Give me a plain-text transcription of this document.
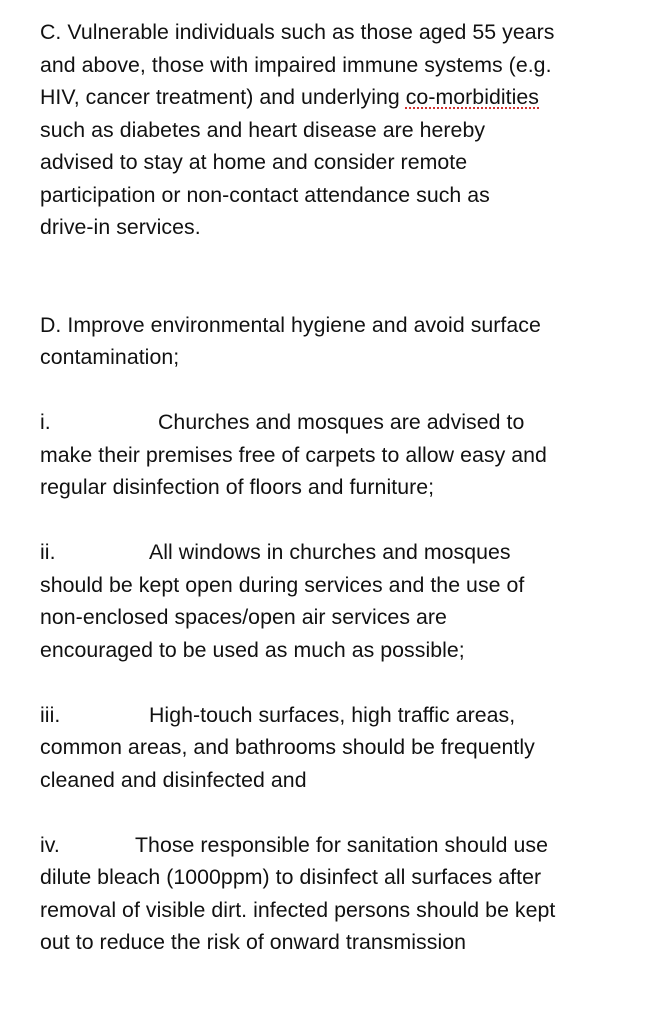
C. Vulnerable individuals such as those aged 55 years
and above, those with impaired immune systems (e.g.
HIV, cancer treatment) and underlying co-morbidities
such as diabetes and heart disease are hereby
advised to stay at home and consider remote
participation or non-contact attendance such as
drive-in services.
D. Improve environmental hygiene and avoid surface
contamination;
i.	Churches and mosques are advised to
make their premises free of carpets to allow easy and
regular disinfection of floors and furniture;
ii.	All windows in churches and mosques
should be kept open during services and the use of
non-enclosed spaces/open air services are
encouraged to be used as much as possible;
iii.	High-touch surfaces, high traffic areas,
common areas, and bathrooms should be frequently
cleaned and disinfected and
iv.	Those responsible for sanitation should use
dilute bleach (1000ppm) to disinfect all surfaces after
removal of visible dirt. infected persons should be kept
out to reduce the risk of onward transmission
